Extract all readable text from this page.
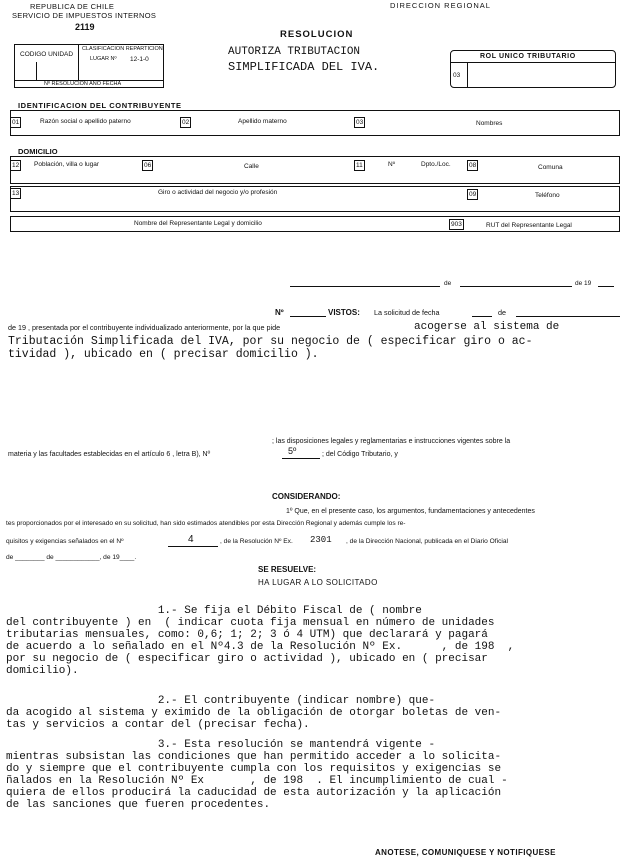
REPUBLICA DE CHILE
SERVICIO DE IMPUESTOS INTERNOS
2119
DIRECCION REGIONAL
CODIGO UNIDAD
CLASIFICACION REPARTICION
LUGAR Nº 12-1-0
Nº RESOLUCION AÑO FECHA
RESOLUCION
AUTORIZA TRIBUTACION
SIMPLIFICADA DEL IVA.
ROL UNICO TRIBUTARIO
03
IDENTIFICACION DEL CONTRIBUYENTE
01	Razón social o apellido paterno	02	Apellido materno	03	Nombres
DOMICILIO
12	Población, villa o lugar	06	Calle	11	Nº	Dpto./Loc.	08	Comuna
13	Giro o actividad del negocio y/o profesión	09	Teléfono
Nombre del Representante Legal y domicilio	903	RUT del Representante Legal
de	de 19
Nº	VISTOS: La solicitud de fecha	de
de 19 , presentada por el contribuyente individualizado anteriormente, por la que pide	acogerse al sistema de
Tributación Simplificada del IVA, por su negocio de ( especificar giro o ac-
tividad ), ubicado en ( precisar domicilio ).
; las disposiciones legales y reglamentarias e instrucciones vigentes sobre la
materia y las facultades establecidas en el artículo 6 , letra B), Nº	5º	; del Código Tributario, y
CONSIDERANDO:
1º Que, en el presente caso, los argumentos, fundamentaciones y antecedentes
tes proporcionados por el interesado en su solicitud, han sido estimados atendibles por esta Dirección Regional y además cumple los re-
quisitos y exigencias señalados en el Nº	4	, de la Resolución Nº Ex. 2301 , de la Dirección Nacional, publicada en el Diario Oficial
de ________ de ____________, de 19____.
SE RESUELVE:
HA LUGAR A LO SOLICITADO

1.- Se fija el Débito Fiscal de ( nombre
del contribuyente ) en  ( indicar cuota fija mensual en número de unidades
tributarias mensuales, como: 0,6; 1; 2; 3 ó 4 UTM) que declarará y pagará
de acuerdo a lo señalado en el Nº4.3 de la Resolución Nº Ex.      , de 198  ,
por su negocio de ( especificar giro o actividad ), ubicado en ( precisar
domicilio).

2.- El contribuyente (indicar nombre) que-
da acogido al sistema y eximido de la obligación de otorgar boletas de ven-
tas y servicios a contar del (precisar fecha).

3.- Esta resolución se mantendrá vigente -
mientras subsistan las condiciones que han permitido acceder a lo solicita-
do y siempre que el contribuyente cumpla con los requisitos y exigencias se
ñalados en la Resolución Nº Ex       , de 198  . El incumplimiento de cual -
quiera de ellos producirá la caducidad de esta autorización y la aplicación
de las sanciones que fueren procedentes.

ANOTESE, COMUNIQUESE Y NOTIFIQUESE
